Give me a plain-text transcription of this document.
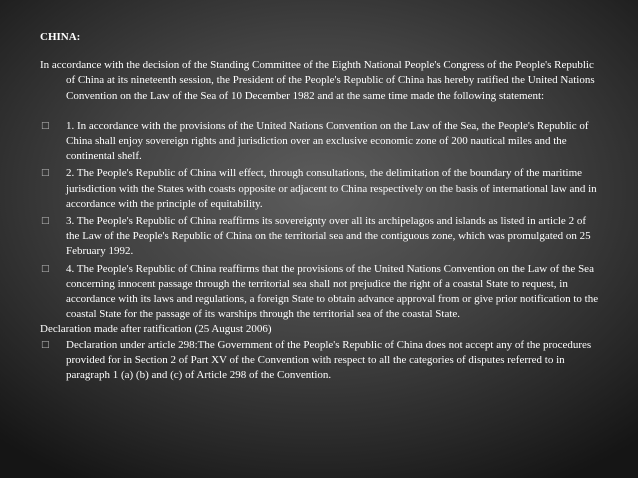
CHINA:
In accordance with the decision of the Standing Committee of the Eighth National People's Congress of the People's Republic of China at its nineteenth session, the President of the People's Republic of China has hereby ratified the United Nations Convention on the Law of the Sea of 10 December 1982 and at the same time made the following statement:
□ 1. In accordance with the provisions of the United Nations Convention on the Law of the Sea, the People's Republic of China shall enjoy sovereign rights and jurisdiction over an exclusive economic zone of 200 nautical miles and the continental shelf.
□ 2. The People's Republic of China will effect, through consultations, the delimitation of the boundary of the maritime jurisdiction with the States with coasts opposite or adjacent to China respectively on the basis of international law and in accordance with the principle of equitability.
□ 3. The People's Republic of China reaffirms its sovereignty over all its archipelagos and islands as listed in article 2 of the Law of the People's Republic of China on the territorial sea and the contiguous zone, which was promulgated on 25 February 1992.
□ 4. The People's Republic of China reaffirms that the provisions of the United Nations Convention on the Law of the Sea concerning innocent passage through the territorial sea shall not prejudice the right of a coastal State to request, in accordance with its laws and regulations, a foreign State to obtain advance approval from or give prior notification to the coastal State for the passage of its warships through the territorial sea of the coastal State.
Declaration made after ratification (25 August 2006)
□ Declaration under article 298:The Government of the People's Republic of China does not accept any of the procedures provided for in Section 2 of Part XV of the Convention with respect to all the categories of disputes referred to in paragraph 1 (a) (b) and (c) of Article 298 of the Convention.
